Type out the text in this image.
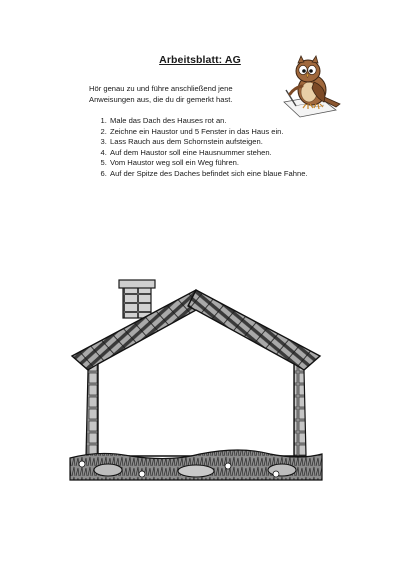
Arbeitsblatt: AG
Hör genau zu und führe anschließend jene Anweisungen aus, die du dir gemerkt hast.
1. Male das Dach des Hauses rot an.
2. Zeichne ein Haustor und 5 Fenster in das Haus ein.
3. Lass Rauch aus dem Schornstein aufsteigen.
4. Auf dem Haustor soll eine Hausnummer stehen.
5. Vom Haustor weg soll ein Weg führen.
6. Auf der Spitze des Daches befindet sich eine blaue Fahne.
